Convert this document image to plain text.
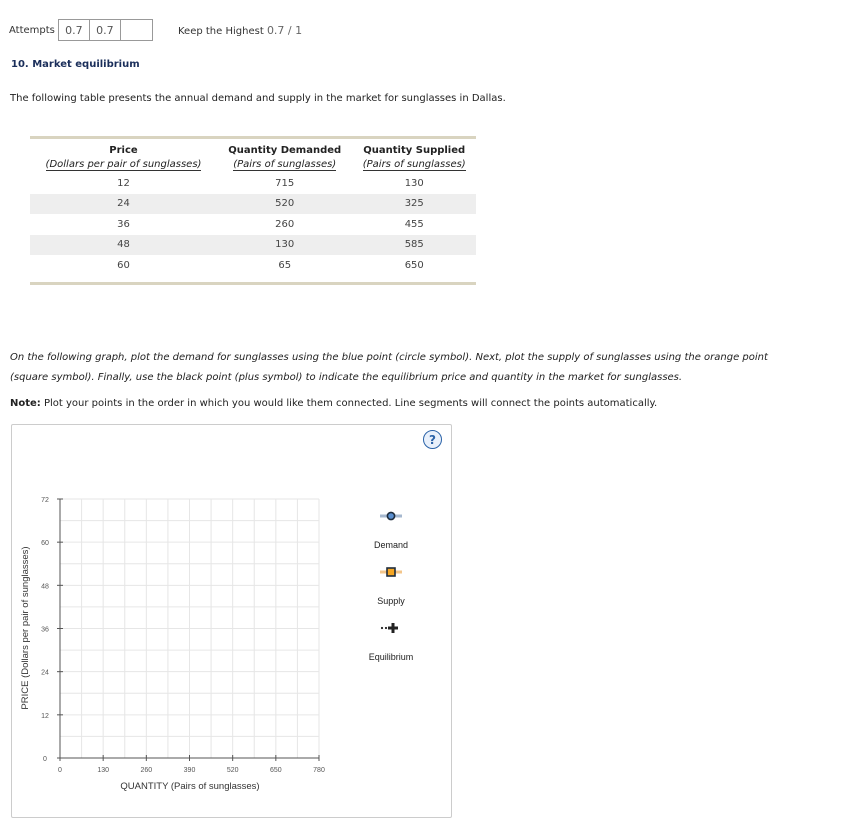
Attempts 0.7	0.7	Keep the Highest 0.7 / 1
10. Market equilibrium
The following table presents the annual demand and supply in the market for sunglasses in Dallas.
Price	Quantity Demanded	Quantity Supplied
(Dollars per pair of sunglasses)	(Pairs of sunglasses)	(Pairs of sunglasses)
12	715	130
24	520	325
36	260	455
48	130	585
60	65	650
On the following graph, plot the demand for sunglasses using the blue point (circle symbol). Next, plot the supply of sunglasses using the orange point
(square symbol). Finally, use the black point (plus symbol) to indicate the equilibrium price and quantity in the market for sunglasses.
Note: Plot your points in the order in which you would like them connected. Line segments will connect the points automatically.
?
0
12
24
36
48
60
72
0	130	260	390	520	650	780
QUANTITY (Pairs of sunglasses)
PRICE (Dollars per pair of sunglasses)
Demand
Supply
Equilibrium
